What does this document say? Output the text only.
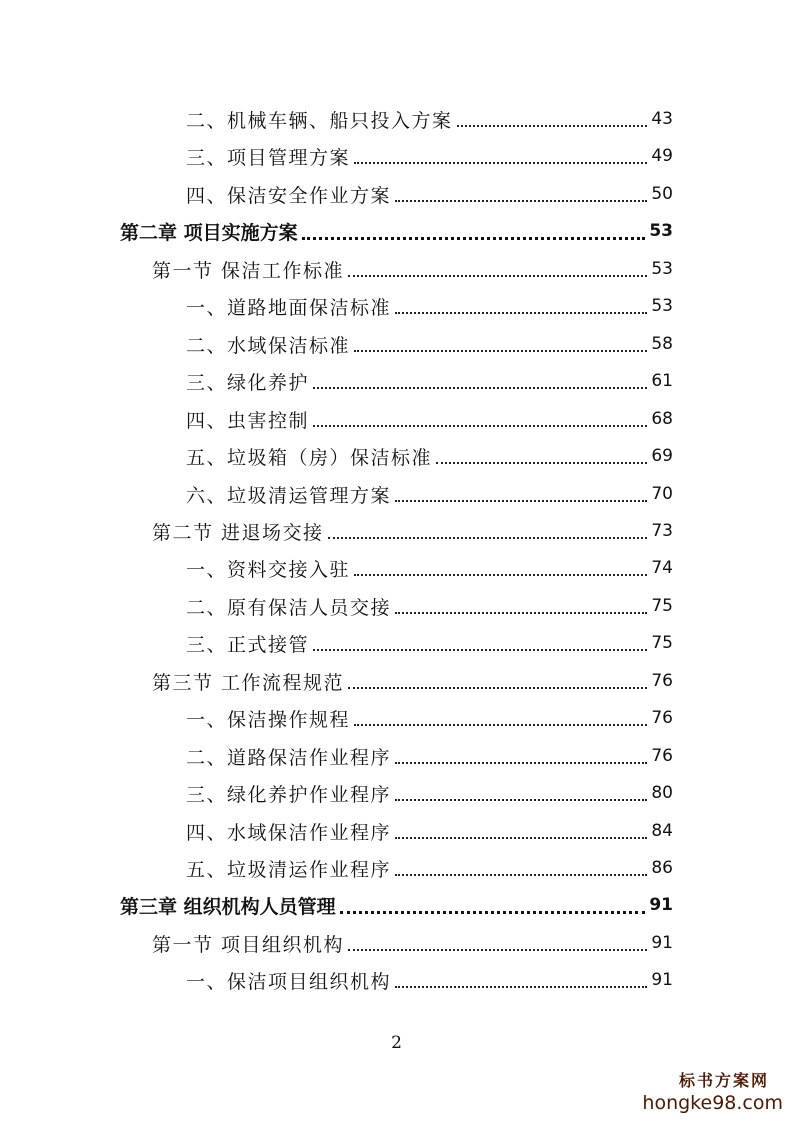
二、机械车辆、船只投入方案	43
三、项目管理方案	49
四、保洁安全作业方案	50
第二章 项目实施方案	53
第一节 保洁工作标准	53
一、道路地面保洁标准	53
二、水域保洁标准	58
三、绿化养护	61
四、虫害控制	68
五、垃圾箱（房）保洁标准	69
六、垃圾清运管理方案	70
第二节 进退场交接	73
一、资料交接入驻	74
二、原有保洁人员交接	75
三、正式接管	75
第三节 工作流程规范	76
一、保洁操作规程	76
二、道路保洁作业程序	76
三、绿化养护作业程序	80
四、水域保洁作业程序	84
五、垃圾清运作业程序	86
第三章 组织机构人员管理	91
第一节 项目组织机构	91
一、保洁项目组织机构	91
2
标书方案网
hongke98.com
